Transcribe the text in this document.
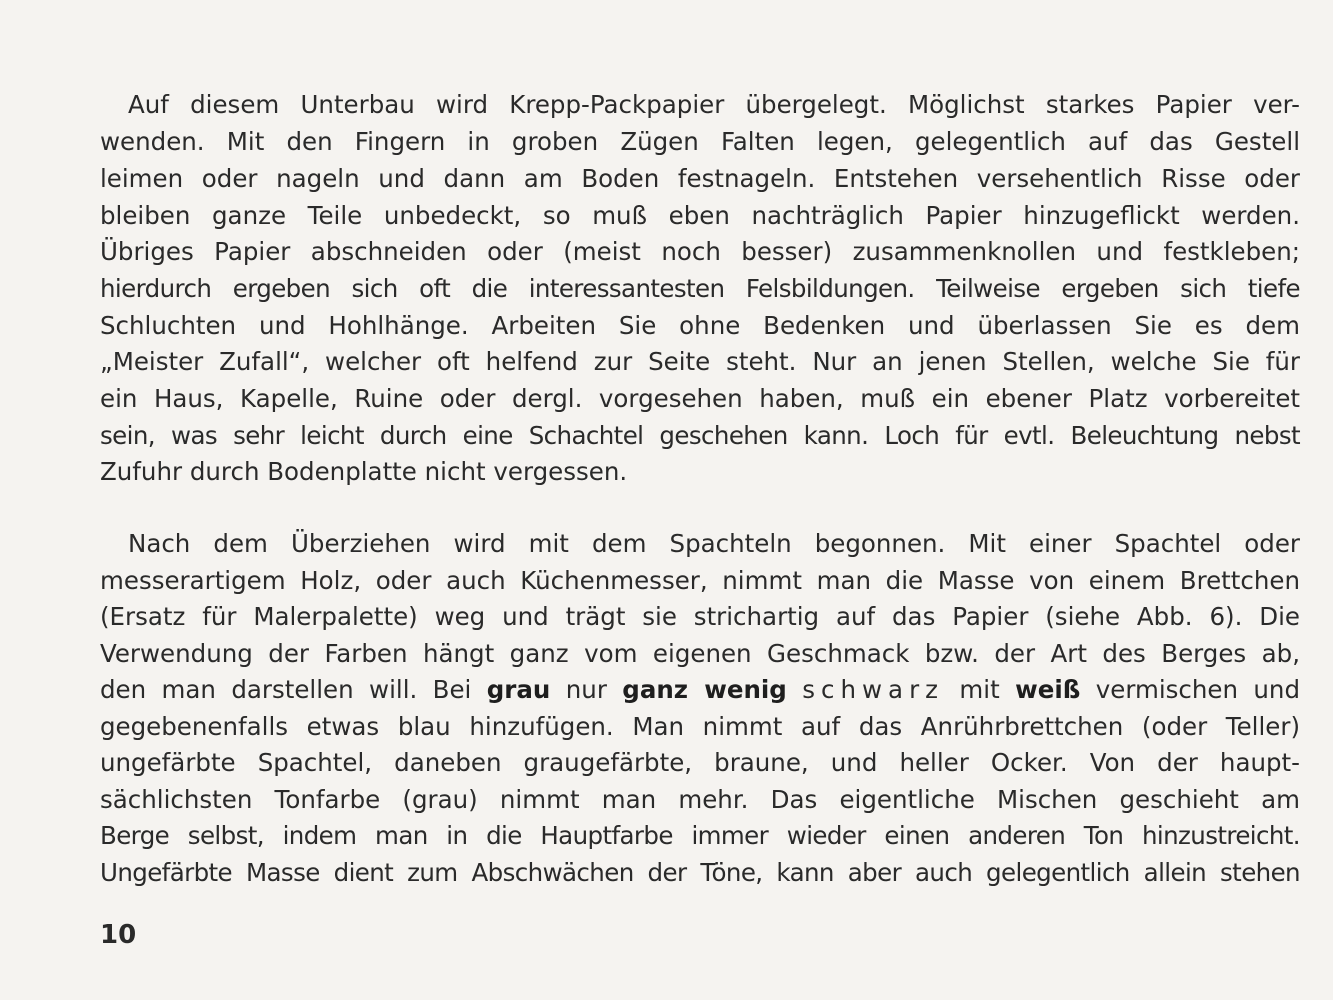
Auf diesem Unterbau wird Krepp-Packpapier übergelegt. Möglichst starkes Papier ver-
wenden. Mit den Fingern in groben Zügen Falten legen, gelegentlich auf das Gestell
leimen oder nageln und dann am Boden festnageln. Entstehen versehentlich Risse oder
bleiben ganze Teile unbedeckt, so muß eben nachträglich Papier hinzugeflickt werden.
Übriges Papier abschneiden oder (meist noch besser) zusammenknollen und festkleben;
hierdurch ergeben sich oft die interessantesten Felsbildungen. Teilweise ergeben sich tiefe
Schluchten und Hohlhänge. Arbeiten Sie ohne Bedenken und überlassen Sie es dem
„Meister Zufall“, welcher oft helfend zur Seite steht. Nur an jenen Stellen, welche Sie für
ein Haus, Kapelle, Ruine oder dergl. vorgesehen haben, muß ein ebener Platz vorbereitet
sein, was sehr leicht durch eine Schachtel geschehen kann. Loch für evtl. Beleuchtung nebst
Zufuhr durch Bodenplatte nicht vergessen.
Nach dem Überziehen wird mit dem Spachteln begonnen. Mit einer Spachtel oder
messerartigem Holz, oder auch Küchenmesser, nimmt man die Masse von einem Brettchen
(Ersatz für Malerpalette) weg und trägt sie strichartig auf das Papier (siehe Abb. 6). Die
Verwendung der Farben hängt ganz vom eigenen Geschmack bzw. der Art des Berges ab,
den man darstellen will. Bei grau nur ganz wenig schwarz mit weiß vermischen und
gegebenenfalls etwas blau hinzufügen. Man nimmt auf das Anrührbrettchen (oder Teller)
ungefärbte Spachtel, daneben graugefärbte, braune, und heller Ocker. Von der haupt-
sächlichsten Tonfarbe (grau) nimmt man mehr. Das eigentliche Mischen geschieht am
Berge selbst, indem man in die Hauptfarbe immer wieder einen anderen Ton hinzustreicht.
Ungefärbte Masse dient zum Abschwächen der Töne, kann aber auch gelegentlich allein stehen
10
